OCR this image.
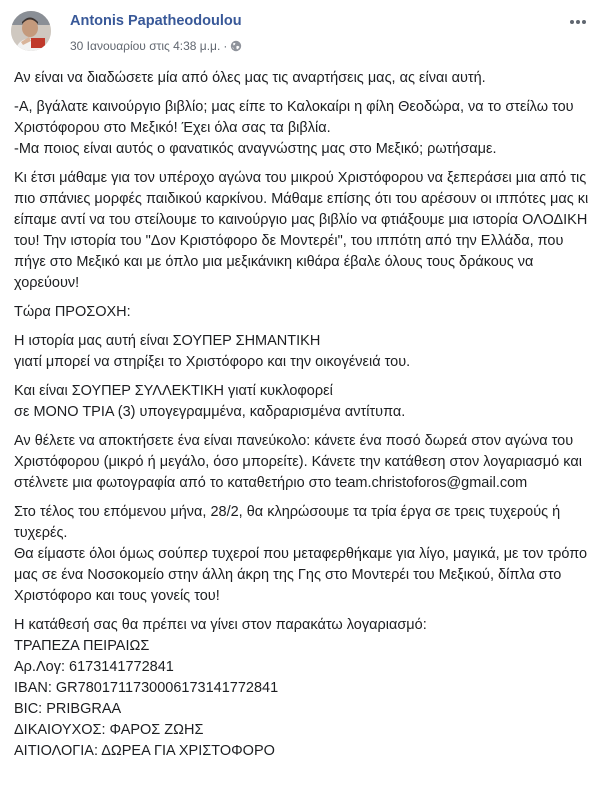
Antonis Papatheodoulou
30 Ιανουαρίου στις 4:38 μ.μ. ·

Αν είναι να διαδώσετε μία από όλες μας τις αναρτήσεις μας, ας είναι αυτή.

-Α, βγάλατε καινούργιο βιβλίο; μας είπε το Καλοκαίρι η φίλη Θεοδώρα, να το στείλω του Χριστόφορου στο Μεξικό! Έχει όλα σας τα βιβλία.
-Μα ποιος είναι αυτός ο φανατικός αναγνώστης μας στο Μεξικό; ρωτήσαμε.

Κι έτσι μάθαμε για τον υπέροχο αγώνα του μικρού Χριστόφορου να ξεπεράσει μια από τις πιο σπάνιες μορφές παιδικού καρκίνου. Μάθαμε επίσης ότι του αρέσουν οι ιππότες μας κι είπαμε αντί να του στείλουμε το καινούργιο μας βιβλίο να φτιάξουμε μια ιστορία ΟΛΟΔΙΚΗ του! Την ιστορία του "Δον Κριστόφορο δε Μοντερέι", του ιππότη από την Ελλάδα, που πήγε στο Μεξικό και με όπλο μια μεξικάνικη κιθάρα έβαλε όλους τους δράκους να χορεύουν!

Τώρα ΠΡΟΣΟΧΗ:

Η ιστορία μας αυτή είναι ΣΟΥΠΕΡ ΣΗΜΑΝΤΙΚΗ
γιατί μπορεί να στηρίξει το Χριστόφορο και την οικογένειά του.

Και είναι ΣΟΥΠΕΡ ΣΥΛΛΕΚΤΙΚΗ γιατί κυκλοφορεί
σε ΜΟΝΟ ΤΡΙΑ (3) υπογεγραμμένα, καδραρισμένα αντίτυπα.

Αν θέλετε να αποκτήσετε ένα είναι πανεύκολο: κάνετε ένα ποσό δωρεά στον αγώνα του Χριστόφορου (μικρό ή μεγάλο, όσο μπορείτε). Κάνετε την κατάθεση στον λογαριασμό και στέλνετε μια φωτογραφία από το καταθετήριο στο team.christoforos@gmail.com

Στο τέλος του επόμενου μήνα, 28/2, θα κληρώσουμε τα τρία έργα σε τρεις τυχερούς ή τυχερές.
Θα είμαστε όλοι όμως σούπερ τυχεροί που μεταφερθήκαμε για λίγο, μαγικά, με τον τρόπο μας σε ένα Νοσοκομείο στην άλλη άκρη της Γης στο Μοντερέι του Μεξικού, δίπλα στο Χριστόφορο και τους γονείς του!

Η κατάθεσή σας θα πρέπει να γίνει στον παρακάτω λογαριασμό:
ΤΡΑΠΕΖΑ ΠΕΙΡΑΙΩΣ
Αρ.Λογ: 6173141772841
IBAN: GR7801711730006173141772841
BIC: PRIBGRAA
ΔΙΚΑΙΟΥΧΟΣ: ΦΑΡΟΣ ΖΩΗΣ
ΑΙΤΙΟΛΟΓΙΑ: ΔΩΡΕΑ ΓΙΑ ΧΡΙΣΤΟΦΟΡΟ
